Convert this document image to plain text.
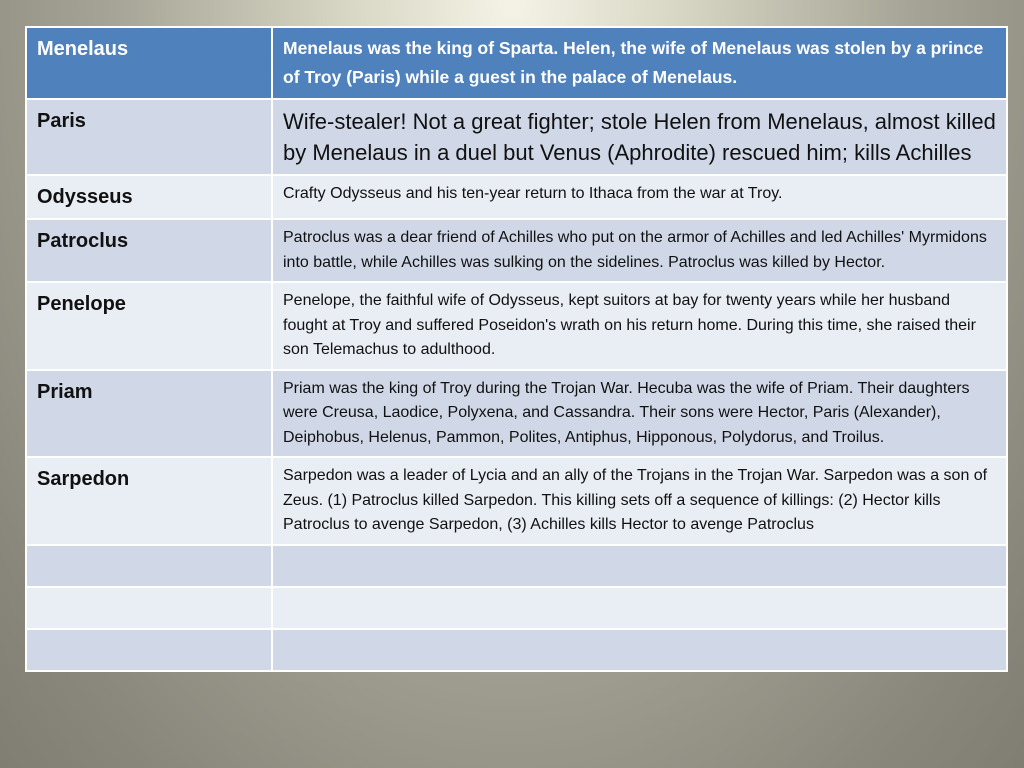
Menelaus	Menelaus was the king of Sparta. Helen, the wife of Menelaus was stolen by a prince of Troy (Paris) while a guest in the palace of Menelaus.
Paris	Wife-stealer! Not a great fighter; stole Helen from Menelaus, almost killed by Menelaus in a duel but Venus (Aphrodite) rescued him; kills Achilles
Odysseus	Crafty Odysseus and his ten-year return to Ithaca from the war at Troy.
Patroclus	Patroclus was a dear friend of Achilles who put on the armor of Achilles and led Achilles' Myrmidons into battle, while Achilles was sulking on the sidelines. Patroclus was killed by Hector.
Penelope	Penelope, the faithful wife of Odysseus, kept suitors at bay for twenty years while her husband fought at Troy and suffered Poseidon's wrath on his return home. During this time, she raised their son Telemachus to adulthood.
Priam	Priam was the king of Troy during the Trojan War. Hecuba was the wife of Priam. Their daughters were Creusa, Laodice, Polyxena, and Cassandra. Their sons were Hector, Paris (Alexander), Deiphobus, Helenus, Pammon, Polites, Antiphus, Hipponous, Polydorus, and Troilus.
Sarpedon	Sarpedon was a leader of Lycia and an ally of the Trojans in the Trojan War. Sarpedon was a son of Zeus. (1) Patroclus killed Sarpedon. This killing sets off a sequence of killings: (2) Hector kills Patroclus to avenge Sarpedon, (3) Achilles kills Hector to avenge Patroclus
